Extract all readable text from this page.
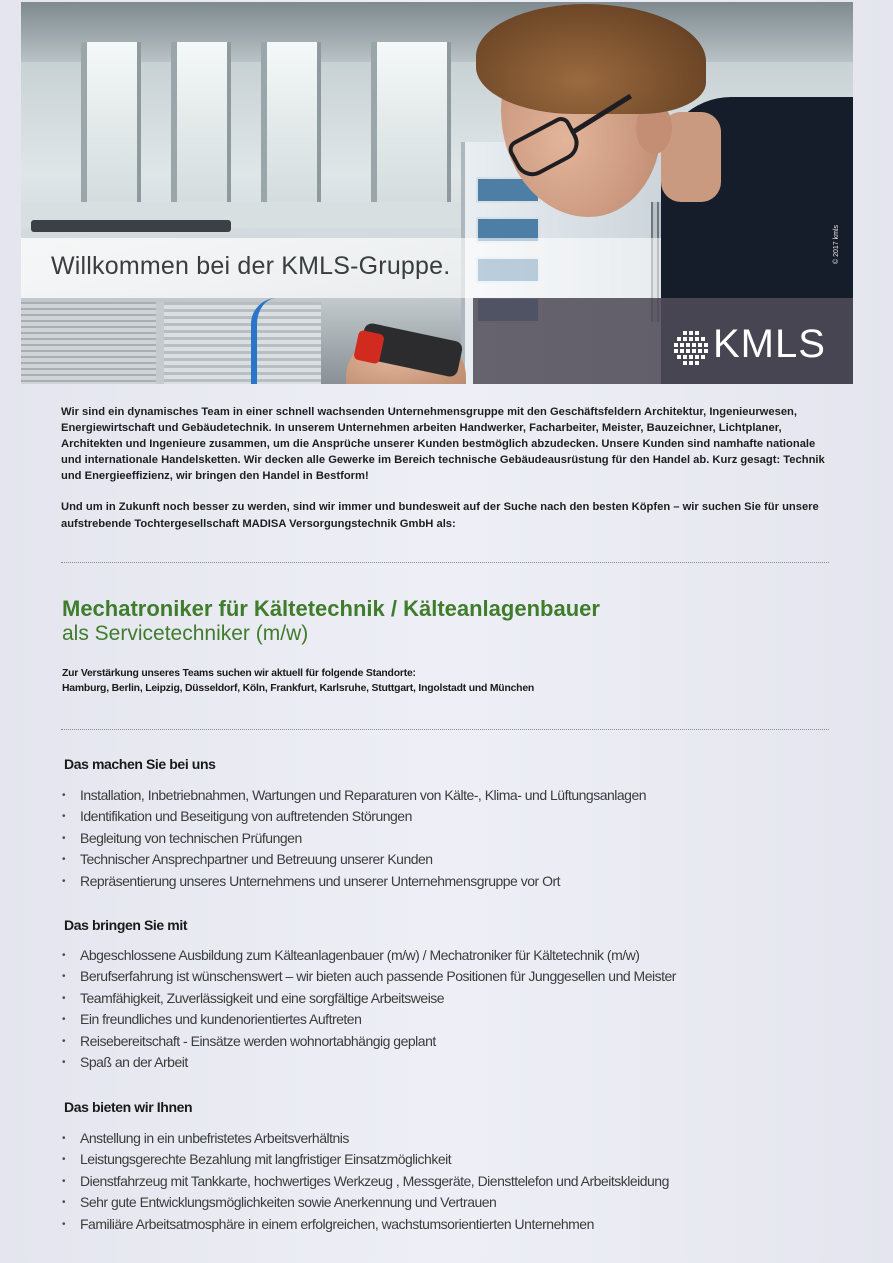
Willkommen bei der KMLS-Gruppe.
KMLS
© 2017 kmls

Wir sind ein dynamisches Team in einer schnell wachsenden Unternehmensgruppe mit den Geschäftsfeldern Architektur, Ingenieurwesen, Energiewirtschaft und Gebäudetechnik. In unserem Unternehmen arbeiten Handwerker, Facharbeiter, Meister, Bauzeichner, Lichtplaner, Architekten und Ingenieure zusammen, um die Ansprüche unserer Kunden bestmöglich abzudecken. Unsere Kunden sind namhafte nationale und internationale Handelsketten. Wir decken alle Gewerke im Bereich technische Gebäudeausrüstung für den Handel ab. Kurz gesagt: Technik und Energieeffizienz, wir bringen den Handel in Bestform!

Und um in Zukunft noch besser zu werden, sind wir immer und bundesweit auf der Suche nach den besten Köpfen – wir suchen Sie für unsere aufstrebende Tochtergesellschaft MADISA Versorgungstechnik GmbH als:

Mechatroniker für Kältetechnik / Kälteanlagenbauer
als Servicetechniker (m/w)
Zur Verstärkung unseres Teams suchen wir aktuell für folgende Standorte:
Hamburg, Berlin, Leipzig, Düsseldorf, Köln, Frankfurt, Karlsruhe, Stuttgart, Ingolstadt und München
Das machen Sie bei uns
• Installation, Inbetriebnahmen, Wartungen und Reparaturen von Kälte-, Klima- und Lüftungsanlagen
• Identifikation und Beseitigung von auftretenden Störungen
• Begleitung von technischen Prüfungen
• Technischer Ansprechpartner und Betreuung unserer Kunden
• Repräsentierung unseres Unternehmens und unserer Unternehmensgruppe vor Ort
Das bringen Sie mit
• Abgeschlossene Ausbildung zum Kälteanlagenbauer (m/w) / Mechatroniker für Kältetechnik (m/w)
• Berufserfahrung ist wünschenswert – wir bieten auch passende Positionen für Junggesellen und Meister
• Teamfähigkeit, Zuverlässigkeit und eine sorgfältige Arbeitsweise
• Ein freundliches und kundenorientiertes Auftreten
• Reisebereitschaft - Einsätze werden wohnortabhängig geplant
• Spaß an der Arbeit
Das bieten wir Ihnen
• Anstellung in ein unbefristetes Arbeitsverhältnis
• Leistungsgerechte Bezahlung mit langfristiger Einsatzmöglichkeit
• Dienstfahrzeug mit Tankkarte, hochwertiges Werkzeug , Messgeräte, Diensttelefon und Arbeitskleidung
• Sehr gute Entwicklungsmöglichkeiten sowie Anerkennung und Vertrauen
• Familiäre Arbeitsatmosphäre in einem erfolgreichen, wachstumsorientierten Unternehmen
